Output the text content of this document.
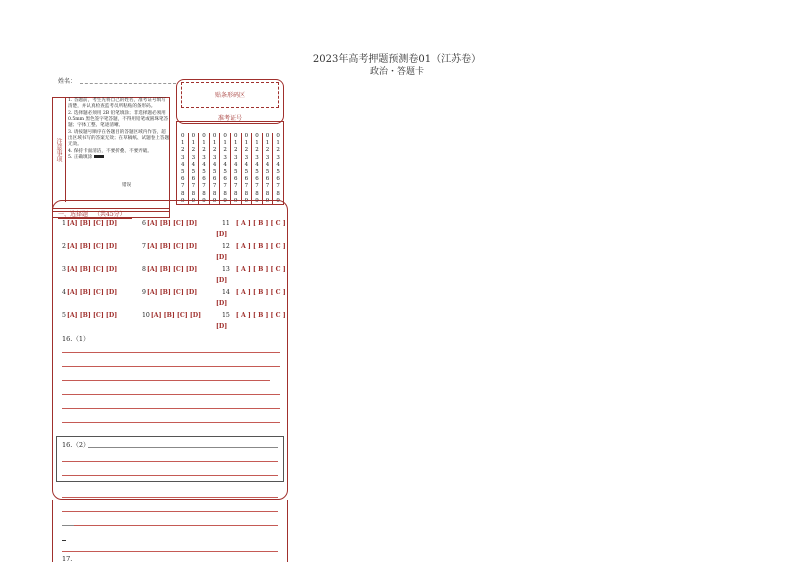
2023年高考押题预测卷01（江苏卷）
政治・答题卡
姓名：
贴条形码区
注意事项
1. 答题前，考生先将自己的姓名，准考证号填写清楚，并认真检查监考员所粘贴的条形码。
2. 选择题必须用 2B 铅笔填涂；非选择题必须用 0.5mm 黑色签字笔答题，不得用铅笔或圆珠笔答题；字体工整、笔迹清晰。
3. 请按题号顺序在各题目的答题区域内作答，超出区域书写的答案无效；在草稿纸、试题卷上答题无效。
4. 保持卡面清洁，不要折叠、不要弄破。
5. 正确填涂
错误
准考证号
0
1
2
3
4
5
6
7
8
9
0
1
2
3
4
5
6
7
8
9
0
1
2
3
4
5
6
7
8
9
0
1
2
3
4
5
6
7
8
9
0
1
2
3
4
5
6
7
8
9
0
1
2
3
4
5
6
7
8
9
0
1
2
3
4
5
6
7
8
9
0
1
2
3
4
5
6
7
8
9
0
1
2
3
4
5
6
7
8
9
0
1
2
3
4
5
6
7
8
9
一、选择题 （共45分）
1[A] [B] [C] [D]
2[A] [B] [C] [D]
3[A] [B] [C] [D]
4[A] [B] [C] [D]
5[A] [B] [C] [D]
6[A] [B] [C] [D]
7[A] [B] [C] [D]
8[A] [B] [C] [D]
9[A] [B] [C] [D]
10[A] [B] [C] [D]
11 [ A ] [ B ] [ C ]
[D]
12 [ A ] [ B ] [ C ]
[D]
13 [ A ] [ B ] [ C ]
[D]
14 [ A ] [ B ] [ C ]
[D]
15 [ A ] [ B ] [ C ]
[D]
16.（1）
16.（2）
17.
